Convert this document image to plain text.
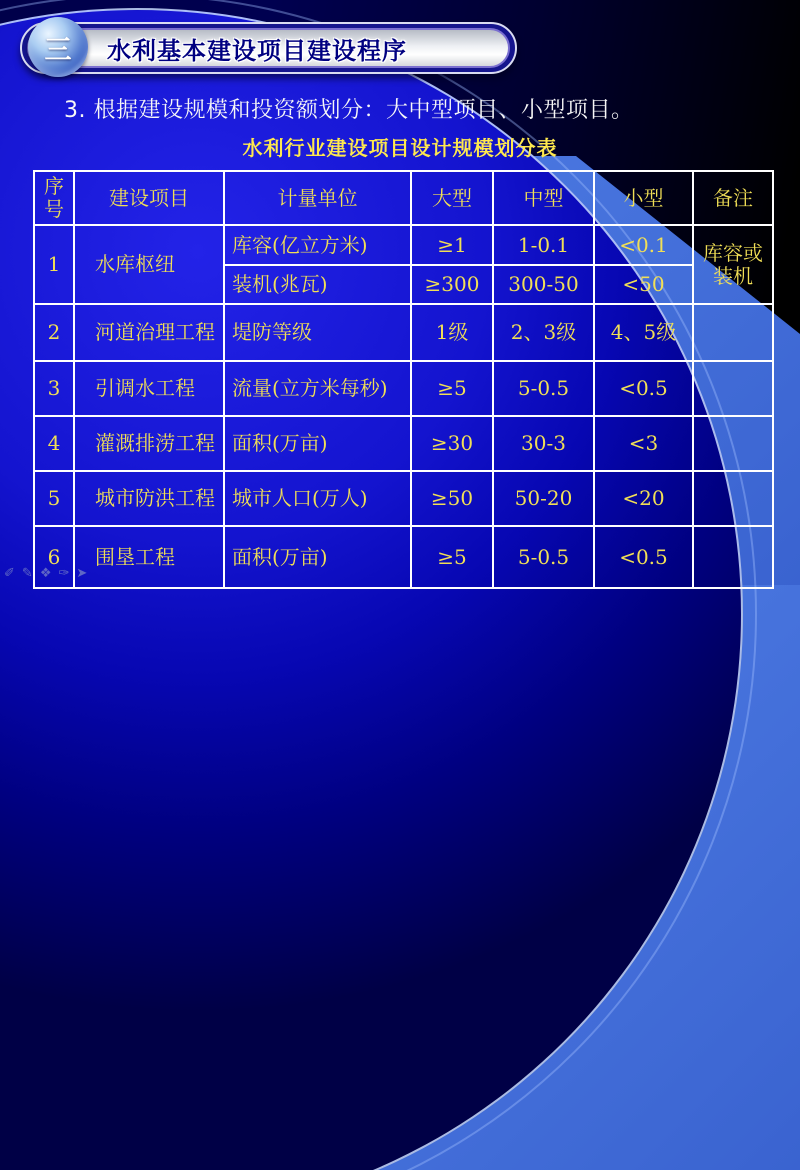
水利基本建设项目建设程序
三
3. 根据建设规模和投资额划分：大中型项目、小型项目。
水利行业建设项目设计规模划分表
序号	建设项目	计量单位	大型	中型	小型	备注
1	水库枢纽	库容(亿立方米)	≥1	1-0.1	<0.1	库容或装机
		装机(兆瓦)	≥300	300-50	<50	
2	河道治理工程	堤防等级	1级	2、3级	4、5级	
3	引调水工程	流量(立方米每秒)	≥5	5-0.5	<0.5	
4	灌溉排涝工程	面积(万亩)	≥30	30-3	<3	
5	城市防洪工程	城市人口(万人)	≥50	50-20	<20	
6	围垦工程	面积(万亩)	≥5	5-0.5	<0.5	
✐ ✎ ❖ ✑ ➤
